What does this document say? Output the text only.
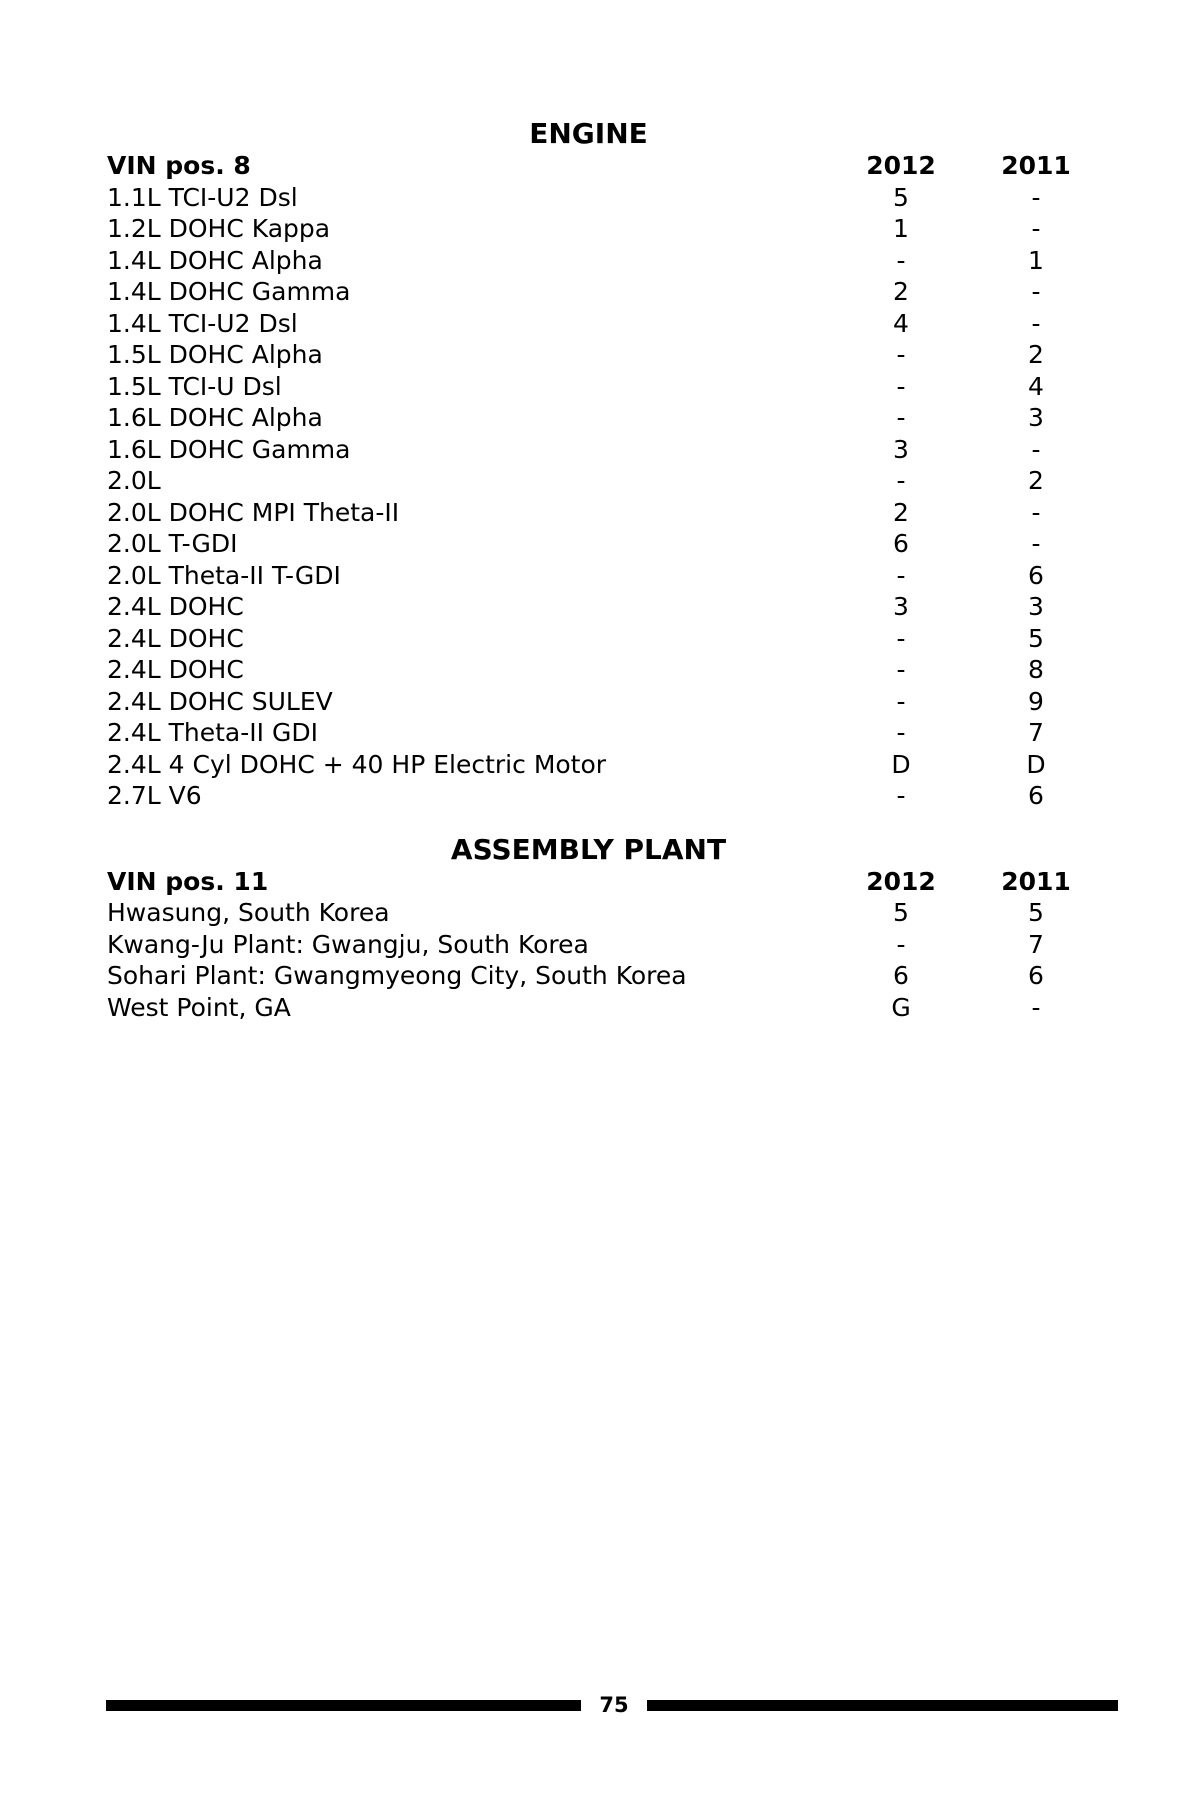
ENGINE
VIN pos. 8	2012	2011
1.1L TCI-U2 Dsl	5	-
1.2L DOHC Kappa	1	-
1.4L DOHC Alpha	-	1
1.4L DOHC Gamma	2	-
1.4L TCI-U2 Dsl	4	-
1.5L DOHC Alpha	-	2
1.5L TCI-U Dsl	-	4
1.6L DOHC Alpha	-	3
1.6L DOHC Gamma	3	-
2.0L	-	2
2.0L DOHC MPI Theta-II	2	-
2.0L T-GDI	6	-
2.0L Theta-II T-GDI	-	6
2.4L DOHC	3	3
2.4L DOHC	-	5
2.4L DOHC	-	8
2.4L DOHC SULEV	-	9
2.4L Theta-II GDI	-	7
2.4L 4 Cyl DOHC + 40 HP Electric Motor	D	D
2.7L V6	-	6
ASSEMBLY PLANT
VIN pos. 11	2012	2011
Hwasung, South Korea	5	5
Kwang-Ju Plant: Gwangju, South Korea	-	7
Sohari Plant: Gwangmyeong City, South Korea	6	6
West Point, GA	G	-
75
